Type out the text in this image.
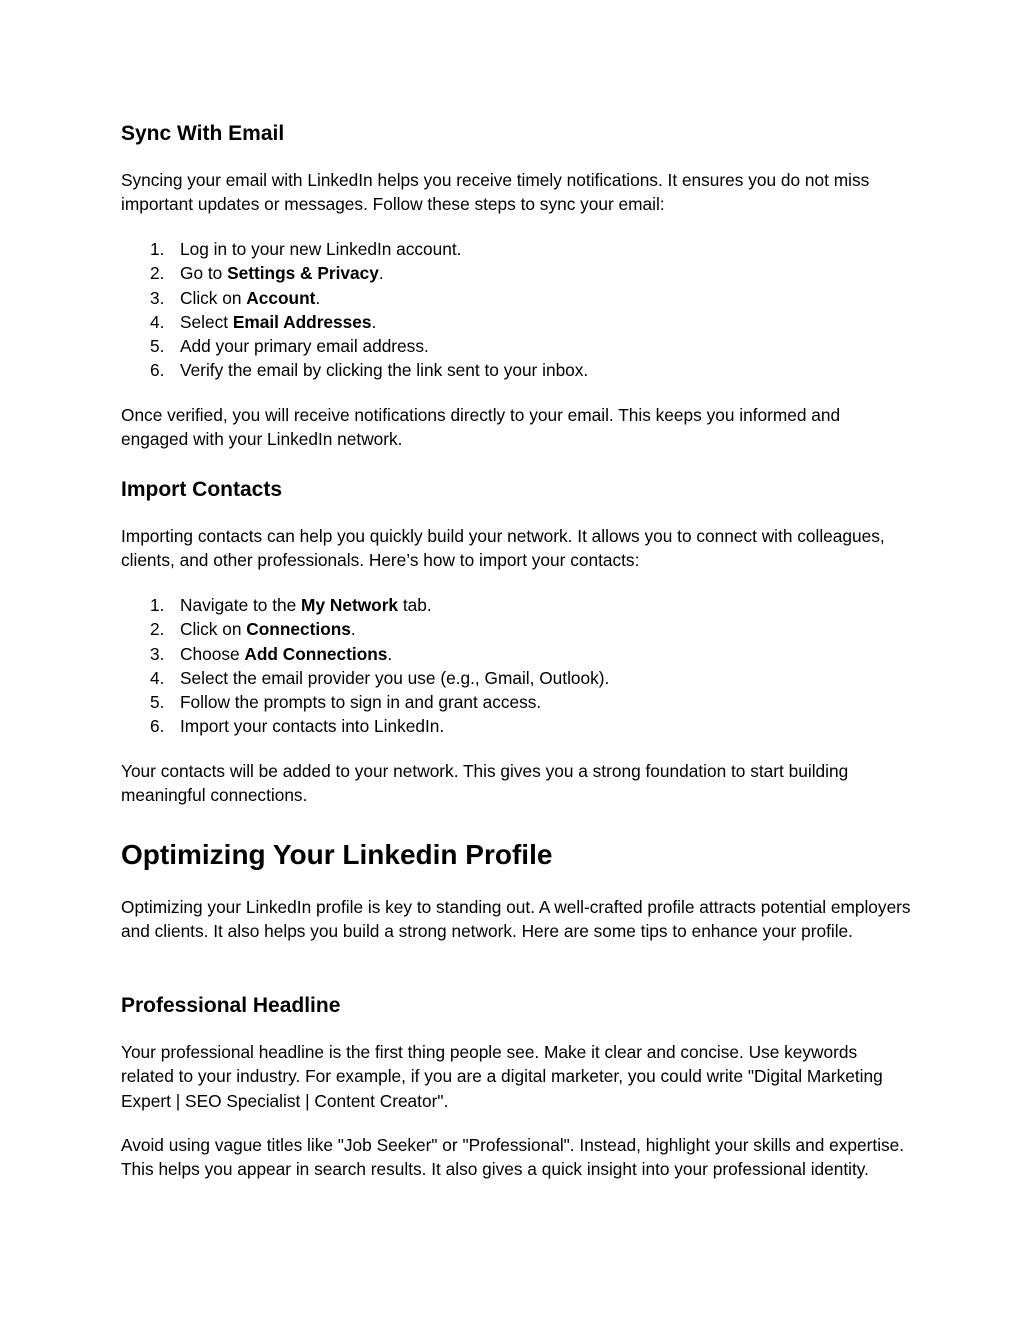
Sync With Email

Syncing your email with LinkedIn helps you receive timely notifications. It ensures you do not miss important updates or messages. Follow these steps to sync your email:

1. Log in to your new LinkedIn account.
2. Go to Settings & Privacy.
3. Click on Account.
4. Select Email Addresses.
5. Add your primary email address.
6. Verify the email by clicking the link sent to your inbox.

Once verified, you will receive notifications directly to your email. This keeps you informed and engaged with your LinkedIn network.

Import Contacts

Importing contacts can help you quickly build your network. It allows you to connect with colleagues, clients, and other professionals. Here’s how to import your contacts:

1. Navigate to the My Network tab.
2. Click on Connections.
3. Choose Add Connections.
4. Select the email provider you use (e.g., Gmail, Outlook).
5. Follow the prompts to sign in and grant access.
6. Import your contacts into LinkedIn.

Your contacts will be added to your network. This gives you a strong foundation to start building meaningful connections.

Optimizing Your Linkedin Profile

Optimizing your LinkedIn profile is key to standing out. A well-crafted profile attracts potential employers and clients. It also helps you build a strong network. Here are some tips to enhance your profile.

Professional Headline

Your professional headline is the first thing people see. Make it clear and concise. Use keywords related to your industry. For example, if you are a digital marketer, you could write "Digital Marketing Expert | SEO Specialist | Content Creator".

Avoid using vague titles like "Job Seeker" or "Professional". Instead, highlight your skills and expertise. This helps you appear in search results. It also gives a quick insight into your professional identity.
